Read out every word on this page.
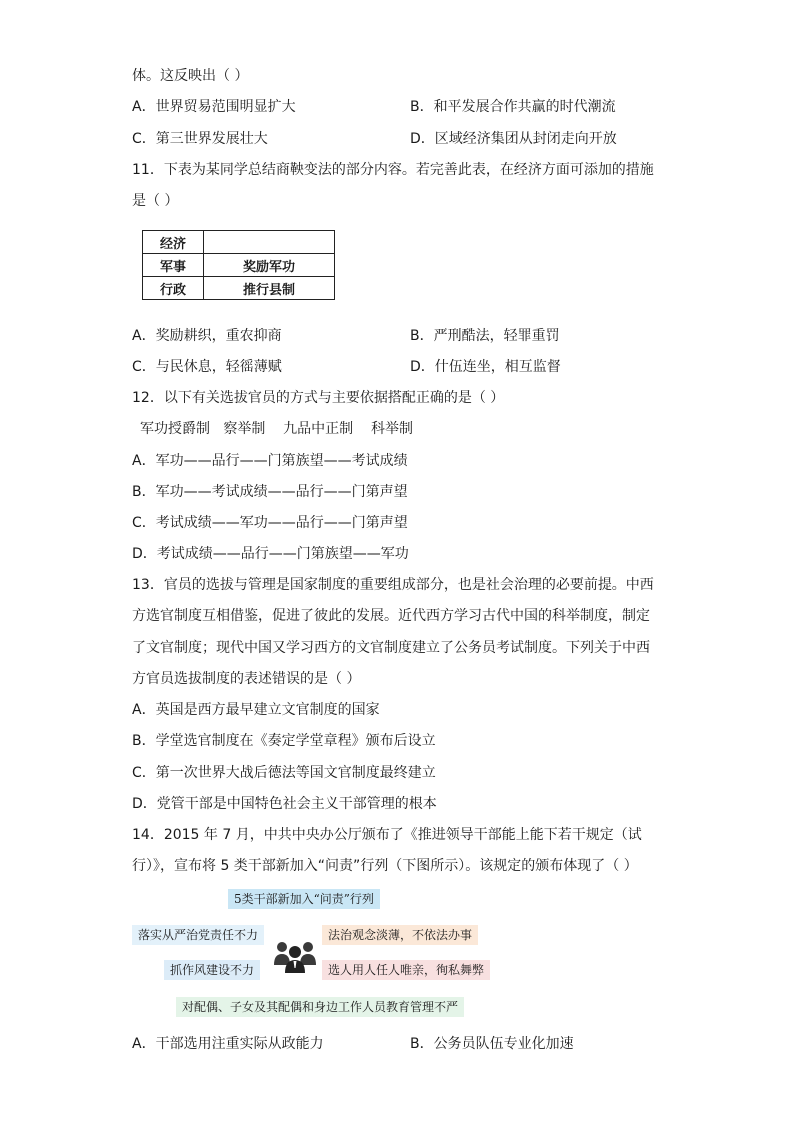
体。这反映出（ ）
A．世界贸易范围明显扩大	B．和平发展合作共赢的时代潮流
C．第三世界发展壮大	D．区域经济集团从封闭走向开放
11．下表为某同学总结商鞅变法的部分内容。若完善此表，在经济方面可添加的措施
是（ ）
经济	
军事	奖励军功
行政	推行县制
A．奖励耕织，重农抑商	B．严刑酷法，轻罪重罚
C．与民休息，轻徭薄赋	D．什伍连坐，相互监督
12．以下有关选拔官员的方式与主要依据搭配正确的是（ ）
军功授爵制   察举制    九品中正制    科举制
A．军功——品行——门第族望——考试成绩
B．军功——考试成绩——品行——门第声望
C．考试成绩——军功——品行——门第声望
D．考试成绩——品行——门第族望——军功
13．官员的选拔与管理是国家制度的重要组成部分，也是社会治理的必要前提。中西
方选官制度互相借鉴，促进了彼此的发展。近代西方学习古代中国的科举制度，制定
了文官制度；现代中国又学习西方的文官制度建立了公务员考试制度。下列关于中西
方官员选拔制度的表述错误的是（ ）
A．英国是西方最早建立文官制度的国家
B．学堂选官制度在《奏定学堂章程》颁布后设立
C．第一次世界大战后德法等国文官制度最终建立
D．党管干部是中国特色社会主义干部管理的根本
14．2015 年 7 月，中共中央办公厅颁布了《推进领导干部能上能下若干规定（试
行）》，宣布将 5 类干部新加入“问责”行列（下图所示）。该规定的颁布体现了（ ）
5类干部新加入“问责”行列
落实从严治党责任不力
抓作风建设不力
法治观念淡薄，不依法办事
选人用人任人唯亲，徇私舞弊
对配偶、子女及其配偶和身边工作人员教育管理不严
A．干部选用注重实际从政能力	B．公务员队伍专业化加速
